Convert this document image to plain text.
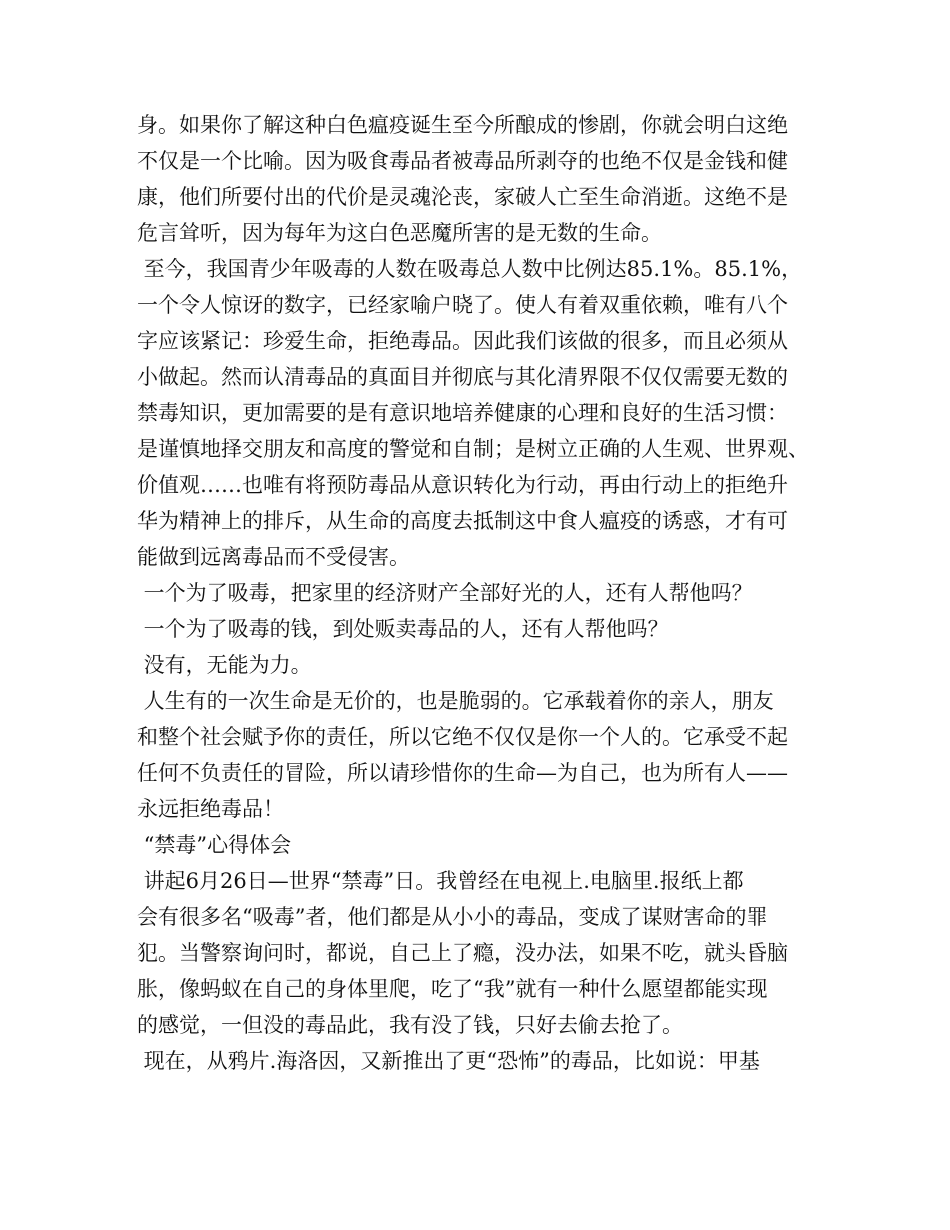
身。如果你了解这种白色瘟疫诞生至今所酿成的惨剧，你就会明白这绝
不仅是一个比喻。因为吸食毒品者被毒品所剥夺的也绝不仅是金钱和健
康，他们所要付出的代价是灵魂沦丧，家破人亡至生命消逝。这绝不是
危言耸听，因为每年为这白色恶魔所害的是无数的生命。
至今，我国青少年吸毒的人数在吸毒总人数中比例达85.1%。85.1%，
一个令人惊讶的数字，已经家喻户晓了。使人有着双重依赖，唯有八个
字应该紧记：珍爱生命，拒绝毒品。因此我们该做的很多，而且必须从
小做起。然而认清毒品的真面目并彻底与其化清界限不仅仅需要无数的
禁毒知识，更加需要的是有意识地培养健康的心理和良好的生活习惯：
是谨慎地择交朋友和高度的警觉和自制；是树立正确的人生观、世界观、
价值观……也唯有将预防毒品从意识转化为行动，再由行动上的拒绝升
华为精神上的排斥，从生命的高度去抵制这中食人瘟疫的诱惑，才有可
能做到远离毒品而不受侵害。
一个为了吸毒，把家里的经济财产全部好光的人，还有人帮他吗？
一个为了吸毒的钱，到处贩卖毒品的人，还有人帮他吗？
没有，无能为力。
人生有的一次生命是无价的，也是脆弱的。它承载着你的亲人，朋友
和整个社会赋予你的责任，所以它绝不仅仅是你一个人的。它承受不起
任何不负责任的冒险，所以请珍惜你的生命—为自己，也为所有人——
永远拒绝毒品！
“禁毒”心得体会
讲起6月26日—世界“禁毒”日。我曾经在电视上.电脑里.报纸上都
会有很多名“吸毒”者，他们都是从小小的毒品，变成了谋财害命的罪
犯。当警察询问时，都说，自己上了瘾，没办法，如果不吃，就头昏脑
胀，像蚂蚁在自己的身体里爬，吃了“我”就有一种什么愿望都能实现
的感觉，一但没的毒品此，我有没了钱，只好去偷去抢了。
现在，从鸦片.海洛因，又新推出了更“恐怖”的毒品，比如说：甲基
